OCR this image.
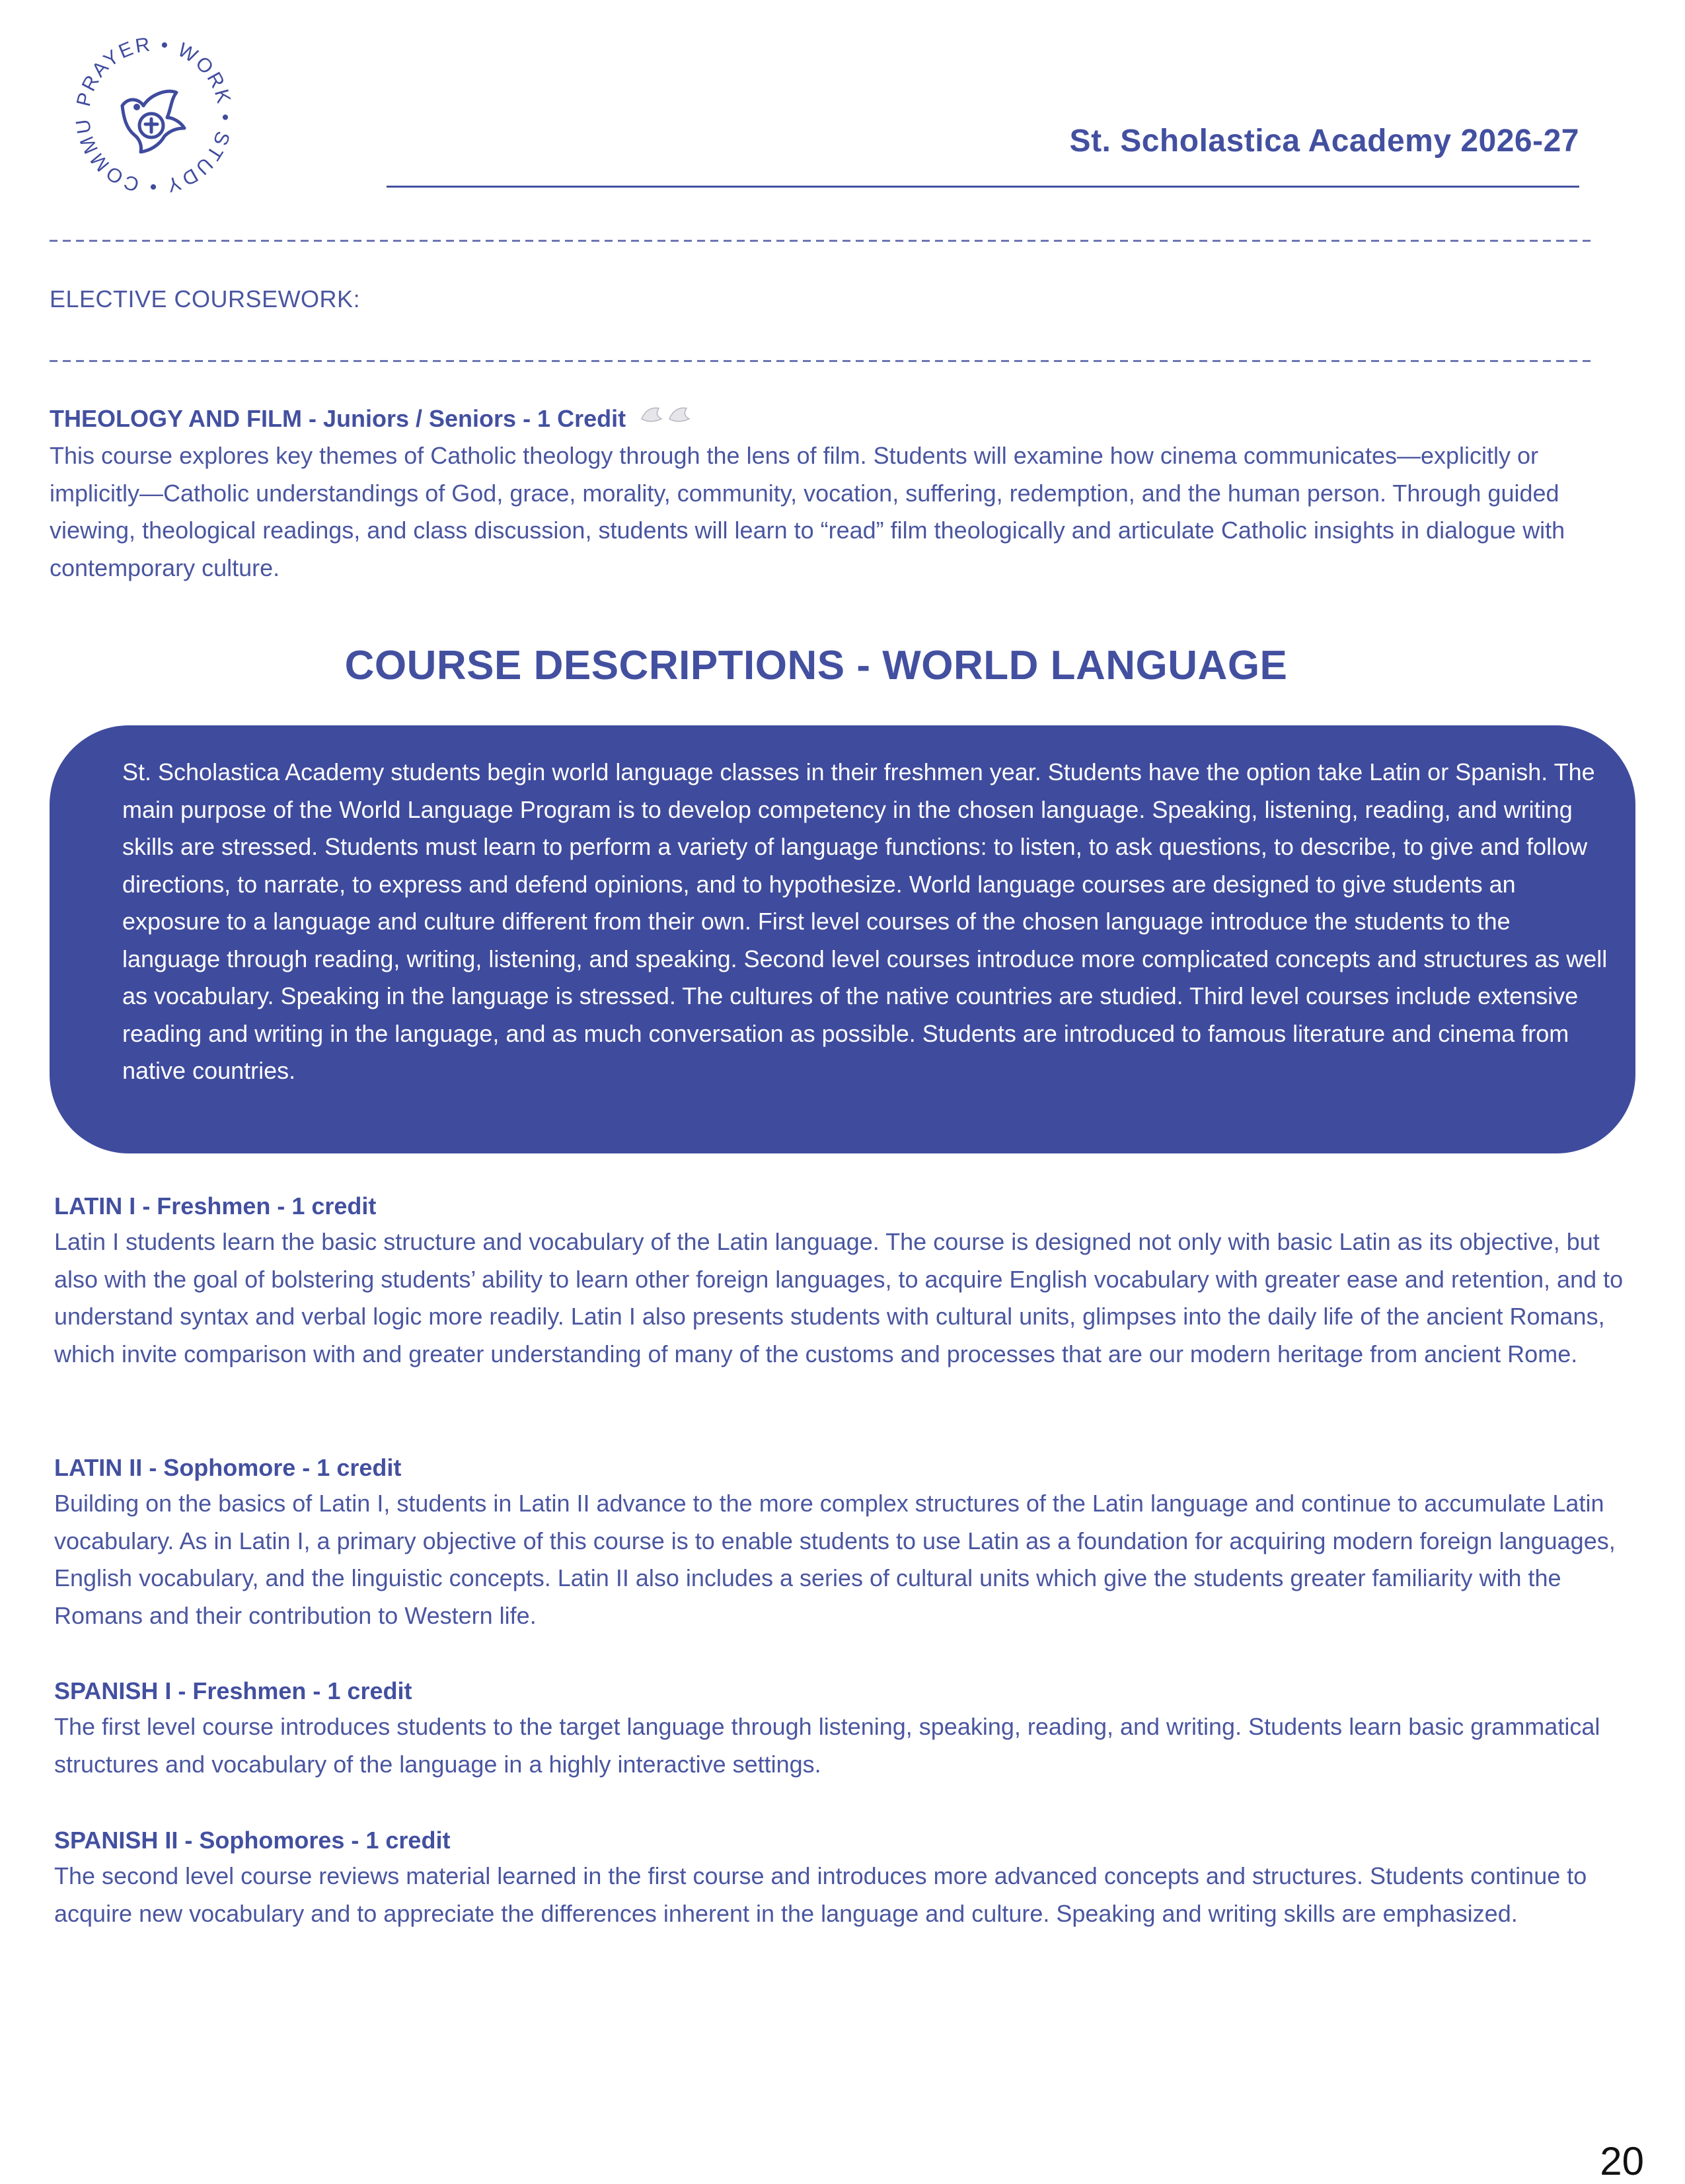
PRAYER • WORK • STUDY • COMMU	St. Scholastica Academy 2026-27
ELECTIVE COURSEWORK:
THEOLOGY AND FILM - Juniors / Seniors - 1 Credit

This course explores key themes of Catholic theology through the lens of film. Students will examine how cinema communicates—explicitly or implicitly—Catholic understandings of God, grace, morality, community, vocation, suffering, redemption, and the human person. Through guided viewing, theological readings, and class discussion, students will learn to “read” film theologically and articulate Catholic insights in dialogue with contemporary culture.

COURSE DESCRIPTIONS - WORLD LANGUAGE

St. Scholastica Academy students begin world language classes in their freshmen year. Students have the option take Latin or Spanish. The main purpose of the World Language Program is to develop competency in the chosen language. Speaking, listening, reading, and writing skills are stressed. Students must learn to perform a variety of language functions: to listen, to ask questions, to describe, to give and follow directions, to narrate, to express and defend opinions, and to hypothesize. World language courses are designed to give students an exposure to a language and culture different from their own. First level courses of the chosen language introduce the students to the language through reading, writing, listening, and speaking. Second level courses introduce more complicated concepts and structures as well as vocabulary. Speaking in the language is stressed. The cultures of the native countries are studied. Third level courses include extensive reading and writing in the language, and as much conversation as possible. Students are introduced to famous literature and cinema from native countries.

LATIN I - Freshmen - 1 credit

Latin I students learn the basic structure and vocabulary of the Latin language. The course is designed not only with basic Latin as its objective, but also with the goal of bolstering students’ ability to learn other foreign languages, to acquire English vocabulary with greater ease and retention, and to understand syntax and verbal logic more readily. Latin I also presents students with cultural units, glimpses into the daily life of the ancient Romans, which invite comparison with and greater understanding of many of the customs and processes that are our modern heritage from ancient Rome.

LATIN II - Sophomore - 1 credit

Building on the basics of Latin I, students in Latin II advance to the more complex structures of the Latin language and continue to accumulate Latin vocabulary. As in Latin I, a primary objective of this course is to enable students to use Latin as a foundation for acquiring modern foreign languages, English vocabulary, and the linguistic concepts. Latin II also includes a series of cultural units which give the students greater familiarity with the Romans and their contribution to Western life.

SPANISH I - Freshmen - 1 credit

The first level course introduces students to the target language through listening, speaking, reading, and writing. Students learn basic grammatical structures and vocabulary of the language in a highly interactive settings.

SPANISH II - Sophomores - 1 credit

The second level course reviews material learned in the first course and introduces more advanced concepts and structures. Students continue to acquire new vocabulary and to appreciate the differences inherent in the language and culture. Speaking and writing skills are emphasized.

20
